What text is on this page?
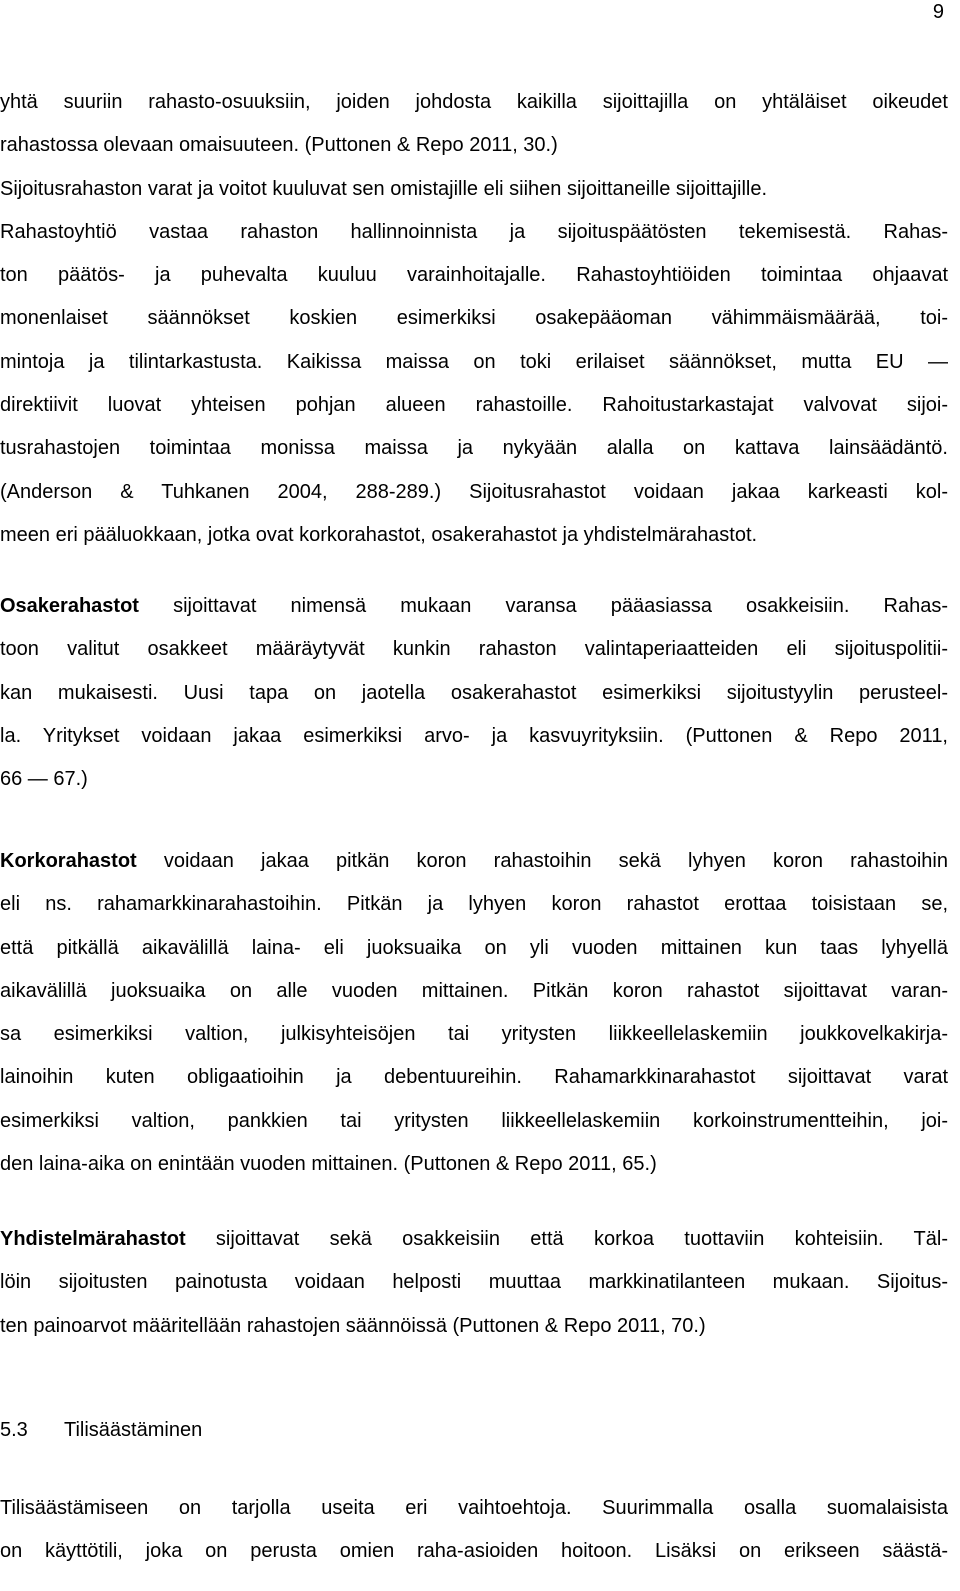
9
yhtä suuriin rahasto-osuuksiin, joiden johdosta kaikilla sijoittajilla on yhtäläiset oikeudet
rahastossa olevaan omaisuuteen. (Puttonen & Repo 2011, 30.)
Sijoitusrahaston varat ja voitot kuuluvat sen omistajille eli siihen sijoittaneille sijoittajille.
Rahastoyhtiö vastaa rahaston hallinnoinnista ja sijoituspäätösten tekemisestä. Rahas-
ton päätös- ja puhevalta kuuluu varainhoitajalle. Rahastoyhtiöiden toimintaa ohjaavat
monenlaiset säännökset koskien esimerkiksi osakepääoman vähimmäismäärää, toi-
mintoja ja tilintarkastusta. Kaikissa maissa on toki erilaiset säännökset, mutta EU —
direktiivit luovat yhteisen pohjan alueen rahastoille. Rahoitustarkastajat valvovat sijoi-
tusrahastojen toimintaa monissa maissa ja nykyään alalla on kattava lainsäädäntö.
(Anderson & Tuhkanen 2004, 288-289.) Sijoitusrahastot voidaan jakaa karkeasti kol-
meen eri pääluokkaan, jotka ovat korkorahastot, osakerahastot ja yhdistelmärahastot.
Osakerahastot sijoittavat nimensä mukaan varansa pääasiassa osakkeisiin. Rahas-
toon valitut osakkeet määräytyvät kunkin rahaston valintaperiaatteiden eli sijoituspolitii-
kan mukaisesti. Uusi tapa on jaotella osakerahastot esimerkiksi sijoitustyylin perusteel-
la. Yritykset voidaan jakaa esimerkiksi arvo- ja kasvuyrityksiin. (Puttonen & Repo 2011,
66 — 67.)
Korkorahastot voidaan jakaa pitkän koron rahastoihin sekä lyhyen koron rahastoihin
eli ns. rahamarkkinarahastoihin. Pitkän ja lyhyen koron rahastot erottaa toisistaan se,
että pitkällä aikavälillä laina- eli juoksuaika on yli vuoden mittainen kun taas lyhyellä
aikavälillä juoksuaika on alle vuoden mittainen. Pitkän koron rahastot sijoittavat varan-
sa esimerkiksi valtion, julkisyhteisöjen tai yritysten liikkeellelaskemiin joukkovelkakirja-
lainoihin kuten obligaatioihin ja debentuureihin. Rahamarkkinarahastot sijoittavat varat
esimerkiksi valtion, pankkien tai yritysten liikkeellelaskemiin korkoinstrumentteihin, joi-
den laina-aika on enintään vuoden mittainen. (Puttonen & Repo 2011, 65.)
Yhdistelmärahastot sijoittavat sekä osakkeisiin että korkoa tuottaviin kohteisiin. Täl-
löin sijoitusten painotusta voidaan helposti muuttaa markkinatilanteen mukaan. Sijoitus-
ten painoarvot määritellään rahastojen säännöissä (Puttonen & Repo 2011, 70.)
5.3 Tilisäästäminen
Tilisäästämiseen on tarjolla useita eri vaihtoehtoja. Suurimmalla osalla suomalaisista
on käyttötili, joka on perusta omien raha-asioiden hoitoon. Lisäksi on erikseen säästä-
